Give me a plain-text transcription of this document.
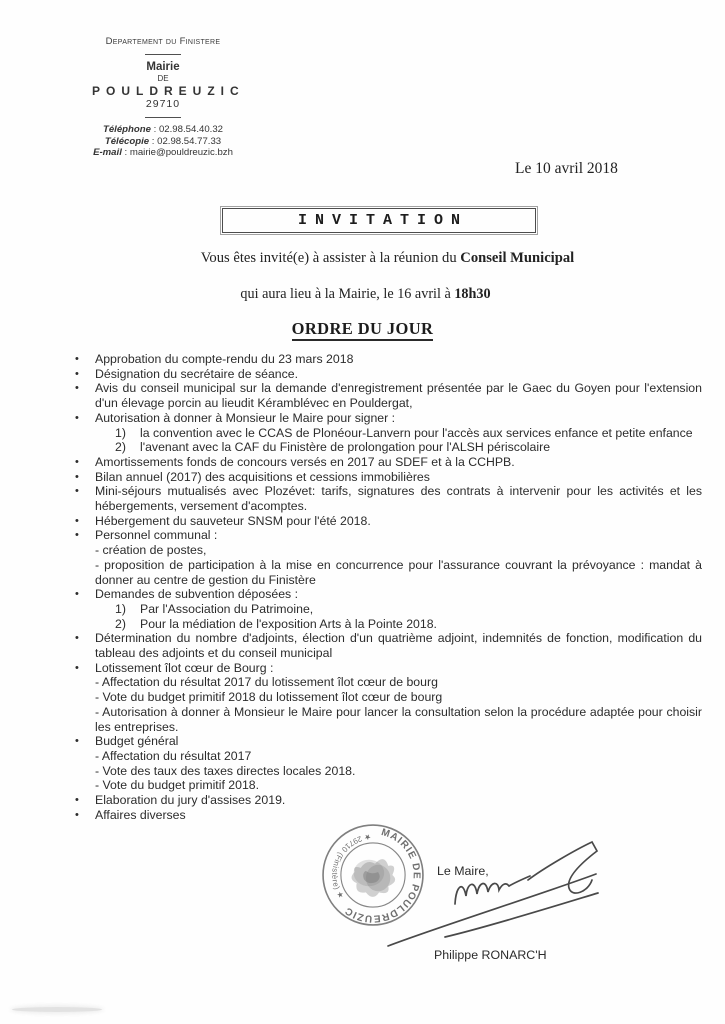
Departement du Finistere
Mairie
DE
POULDREUZIC
29710
Téléphone : 02.98.54.40.32
Télécopie : 02.98.54.77.33
E-mail : mairie@pouldreuzic.bzh
Le 10 avril 2018
INVITATION
Vous êtes invité(e) à assister à la réunion du Conseil Municipal
qui aura lieu à la Mairie, le 16 avril à 18h30
ORDRE DU JOUR
•	Approbation du compte-rendu du 23 mars 2018
•	Désignation du secrétaire de séance.
•	Avis du conseil municipal sur la demande d'enregistrement présentée par le Gaec du Goyen pour l'extension d'un élevage porcin au lieudit Kéramblévec en Pouldergat,
•	Autorisation à donner à Monsieur le Maire pour signer :
1)	la convention avec le CCAS de Plonéour-Lanvern pour l'accès aux services enfance et petite enfance
2)	l'avenant avec la CAF du Finistère de prolongation pour l'ALSH périscolaire
•	Amortissements fonds de concours versés en 2017 au SDEF et à la CCHPB.
•	Bilan annuel (2017) des acquisitions et cessions immobilières
•	Mini-séjours mutualisés avec Plozévet: tarifs, signatures des contrats à intervenir pour les activités et les hébergements, versement d'acomptes.
•	Hébergement du sauveteur SNSM pour l'été 2018.
•	Personnel communal :
- création de postes,
- proposition de participation à la mise en concurrence pour l'assurance couvrant la prévoyance : mandat à donner au centre de gestion du Finistère
•	Demandes de subvention déposées :
1)	Par l'Association du Patrimoine,
2)	Pour la médiation de l'exposition Arts à la Pointe 2018.
•	Détermination du nombre d'adjoints, élection d'un quatrième adjoint, indemnités de fonction, modification du tableau des adjoints et du conseil municipal
•	Lotissement îlot cœur de Bourg :
- Affectation du résultat 2017 du lotissement îlot cœur de bourg
- Vote du budget primitif 2018 du lotissement îlot cœur de bourg
- Autorisation à donner à Monsieur le Maire pour lancer la consultation selon la procédure adaptée pour choisir les entreprises.
•	Budget général
- Affectation du résultat 2017
- Vote des taux des taxes directes locales 2018.
- Vote du budget primitif 2018.
•	Elaboration du jury d'assises 2019.
•	Affaires diverses
Le Maire,
Philippe RONARC'H
MAIRIE DE POULDREUZIC
★ 29710 (Finistère) ★
